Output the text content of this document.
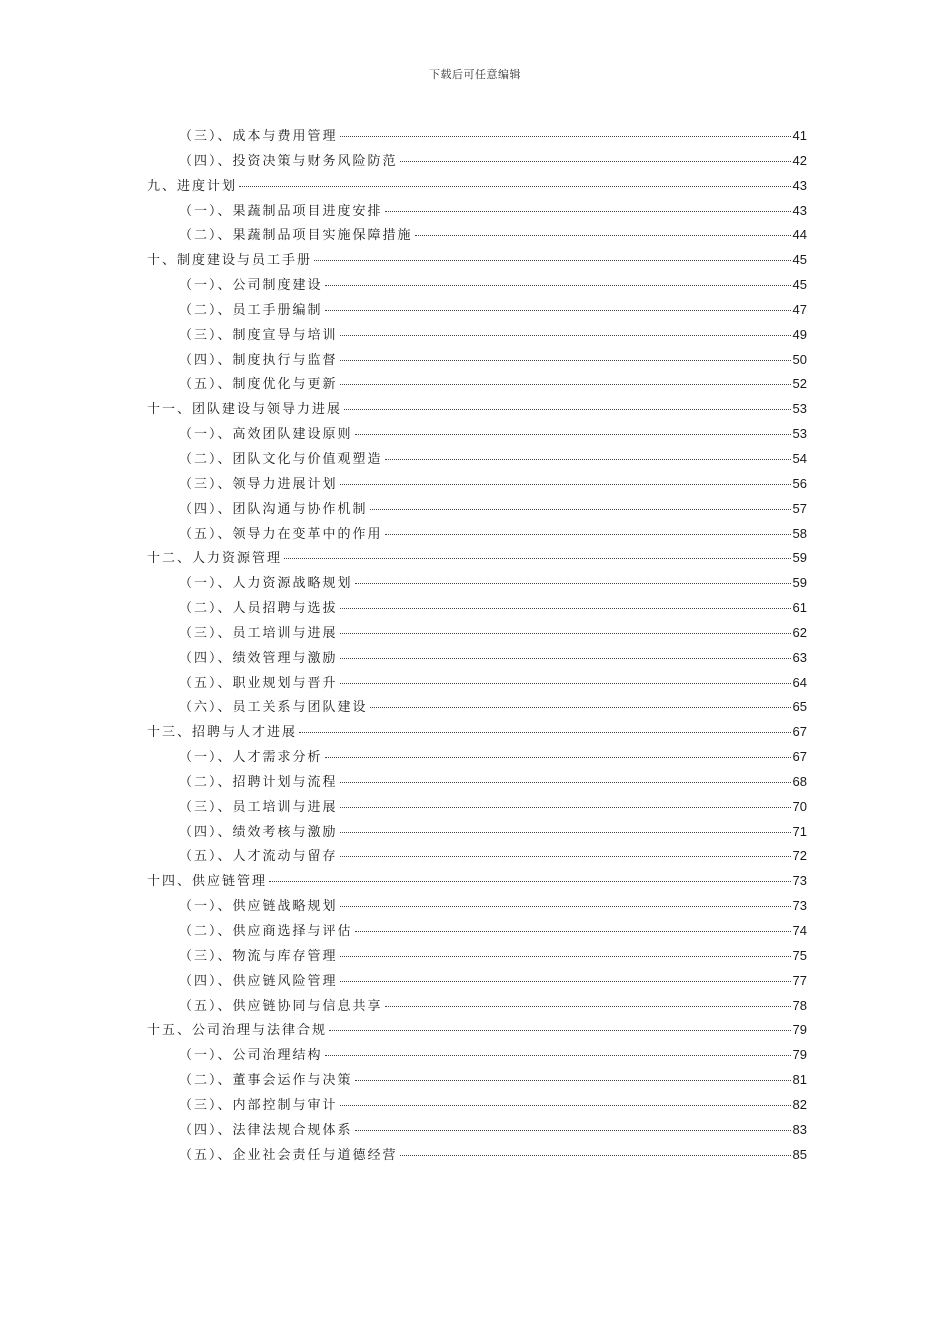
下载后可任意编辑
（三）、成本与费用管理	41
（四）、投资决策与财务风险防范	42
九、进度计划	43
（一）、果蔬制品项目进度安排	43
（二）、果蔬制品项目实施保障措施	44
十、制度建设与员工手册	45
（一）、公司制度建设	45
（二）、员工手册编制	47
（三）、制度宣导与培训	49
（四）、制度执行与监督	50
（五）、制度优化与更新	52
十一、团队建设与领导力进展	53
（一）、高效团队建设原则	53
（二）、团队文化与价值观塑造	54
（三）、领导力进展计划	56
（四）、团队沟通与协作机制	57
（五）、领导力在变革中的作用	58
十二、人力资源管理	59
（一）、人力资源战略规划	59
（二）、人员招聘与选拔	61
（三）、员工培训与进展	62
（四）、绩效管理与激励	63
（五）、职业规划与晋升	64
（六）、员工关系与团队建设	65
十三、招聘与人才进展	67
（一）、人才需求分析	67
（二）、招聘计划与流程	68
（三）、员工培训与进展	70
（四）、绩效考核与激励	71
（五）、人才流动与留存	72
十四、供应链管理	73
（一）、供应链战略规划	73
（二）、供应商选择与评估	74
（三）、物流与库存管理	75
（四）、供应链风险管理	77
（五）、供应链协同与信息共享	78
十五、公司治理与法律合规	79
（一）、公司治理结构	79
（二）、董事会运作与决策	81
（三）、内部控制与审计	82
（四）、法律法规合规体系	83
（五）、企业社会责任与道德经营	85
